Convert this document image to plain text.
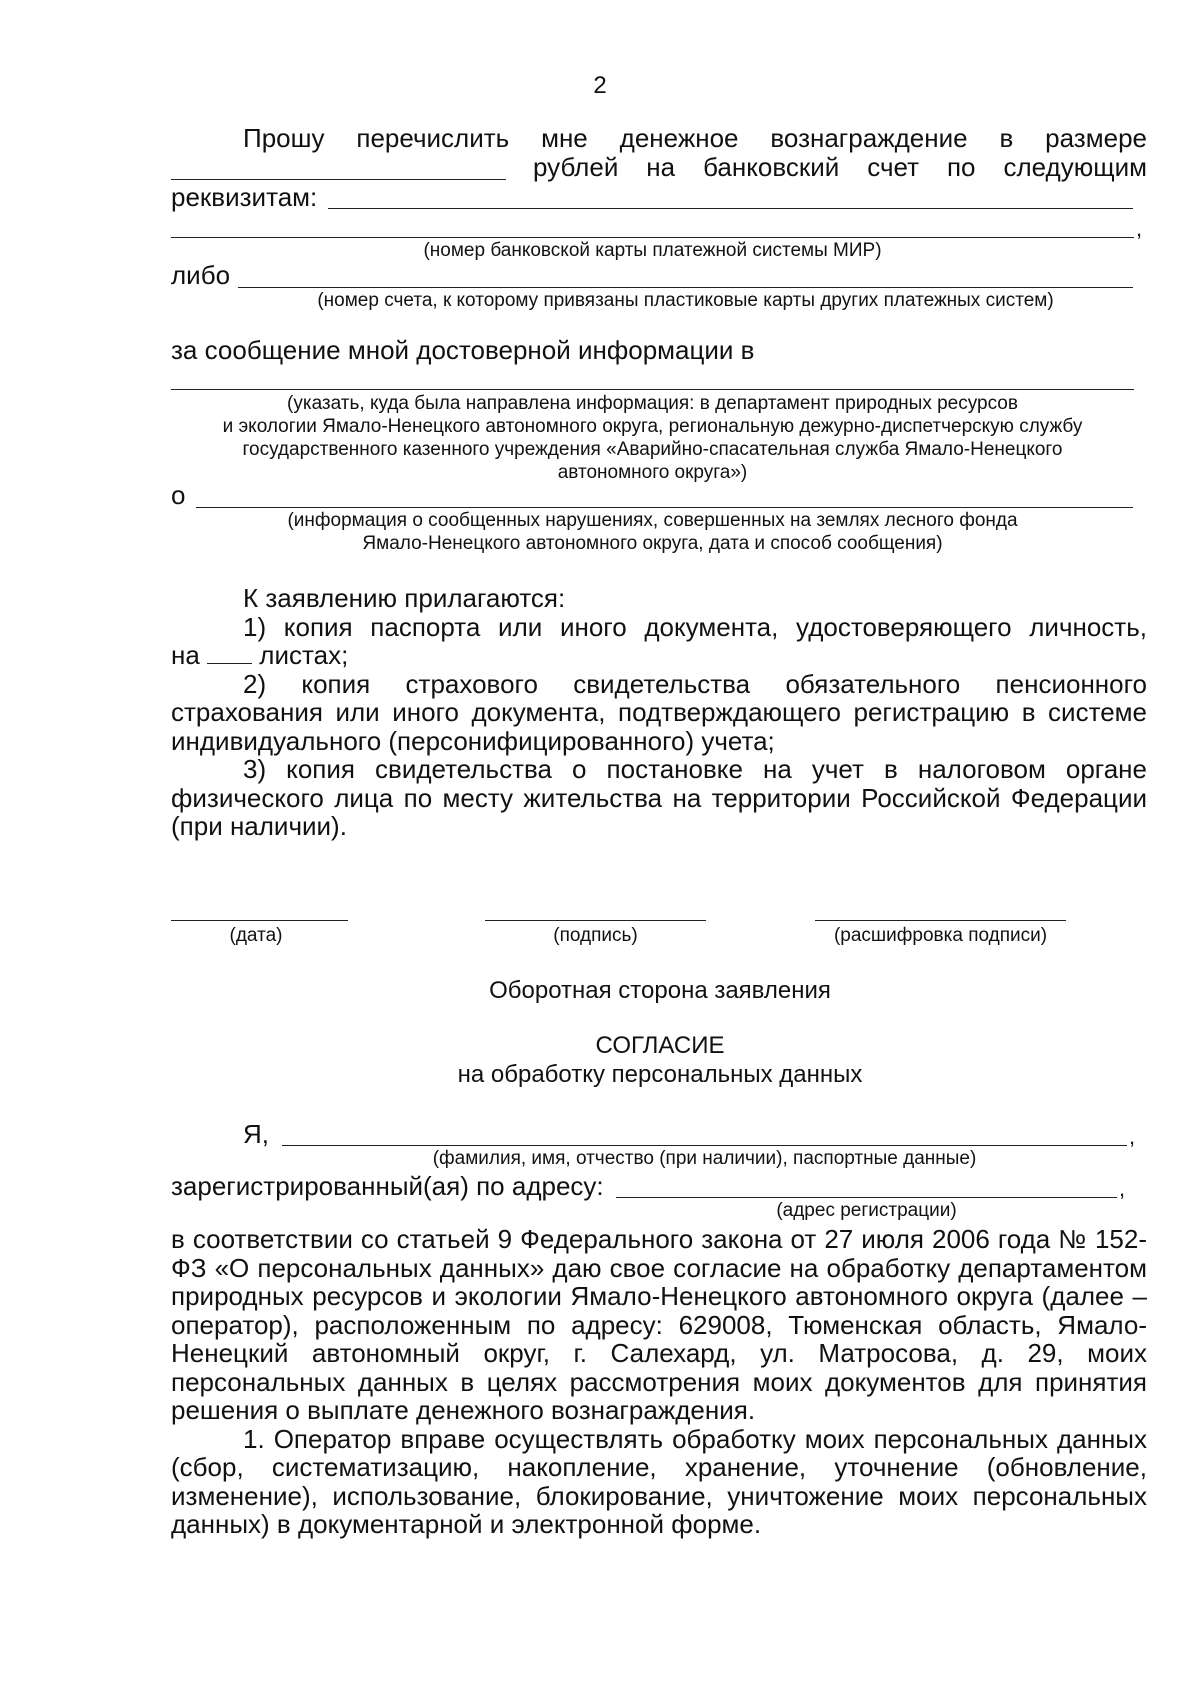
2

Прошу перечислить мне денежное вознаграждение в размере

рублей на банковский счет по следующим
реквизитам:
,
(номер банковской карты платежной системы МИР)
либо
(номер счета, к которому привязаны пластиковые карты других платежных систем)
за сообщение мной достоверной информации в
(указать, куда была направлена информация: в департамент природных ресурсов
и экологии Ямало-Ненецкого автономного округа, региональную дежурно-диспетчерскую службу
государственного казенного учреждения «Аварийно-спасательная служба Ямало-Ненецкого
автономного округа»)
о
(информация о сообщенных нарушениях, совершенных на землях лесного фонда
Ямало-Ненецкого автономного округа, дата и способ сообщения)

К заявлению прилагаются:

1) копия паспорта или иного документа, удостоверяющего личность,

на листах;

2) копия страхового свидетельства обязательного пенсионного

страхования или иного документа, подтверждающего регистрацию в системе индивидуального (персонифицированного) учета;

3) копия свидетельства о постановке на учет в налоговом органе физического лица по месту жительства на территории Российской Федерации (при наличии).

(дата)	(подпись)	(расшифровка подписи)
Оборотная сторона заявления
СОГЛАСИЕ
на обработку персональных данных
Я,	,
(фамилия, имя, отчество (при наличии), паспортные данные)
зарегистрированный(ая) по адресу:	,
(адрес регистрации)

в соответствии со статьей 9 Федерального закона от 27 июля 2006 года № 152-ФЗ «О персональных данных» даю свое согласие на обработку департаментом природных ресурсов и экологии Ямало-Ненецкого автономного округа (далее – оператор), расположенным по адресу: 629008, Тюменская область, Ямало-Ненецкий автономный округ, г. Салехард, ул. Матросова, д. 29, моих персональных данных в целях рассмотрения моих документов для принятия решения о выплате денежного вознаграждения.

1. Оператор вправе осуществлять обработку моих персональных данных (сбор, систематизацию, накопление, хранение, уточнение (обновление, изменение), использование, блокирование, уничтожение моих персональных данных) в документарной и электронной форме.
